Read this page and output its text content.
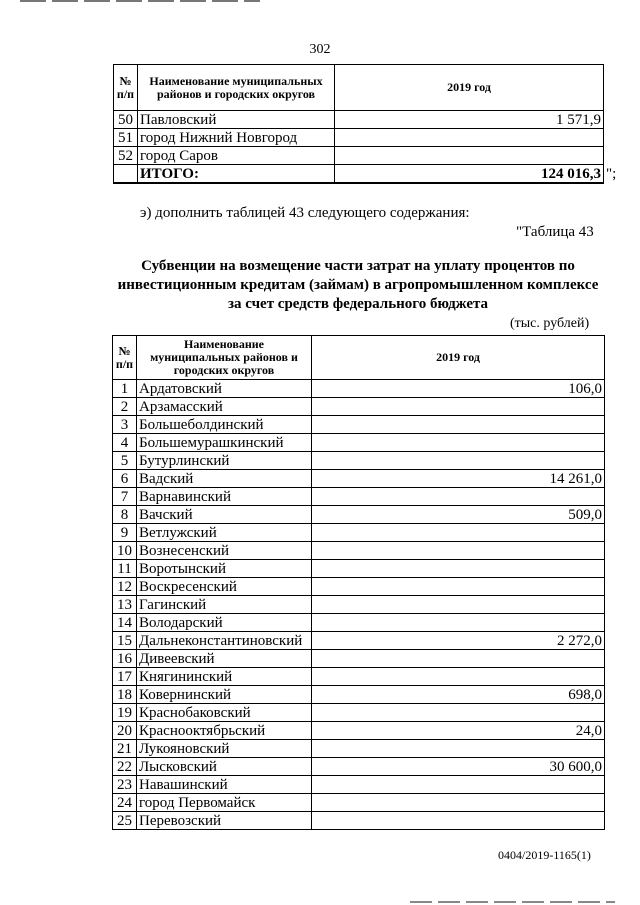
302
№ п/п	Наименование муниципальных районов и городских округов	2019 год
50	Павловский	1 571,9
51	город Нижний Новгород	
52	город Саров	
	ИТОГО:	124 016,3 ";
э) дополнить таблицей 43 следующего содержания:
"Таблица 43
Субвенции на возмещение части затрат на уплату процентов по инвестиционным кредитам (займам) в агропромышленном комплексе за счет средств федерального бюджета
(тыс. рублей)
№ п/п	Наименование муниципальных районов и городских округов	2019 год
1	Ардатовский	106,0
2	Арзамасский	
3	Большеболдинский	
4	Большемурашкинский	
5	Бутурлинский	
6	Вадский	14 261,0
7	Варнавинский	
8	Вачский	509,0
9	Ветлужский	
10	Вознесенский	
11	Воротынский	
12	Воскресенский	
13	Гагинский	
14	Володарский	
15	Дальнеконстантиновский	2 272,0
16	Дивеевский	
17	Княгининский	
18	Ковернинский	698,0
19	Краснобаковский	
20	Краснооктябрьский	24,0
21	Лукояновский	
22	Лысковский	30 600,0
23	Навашинский	
24	город Первомайск	
25	Перевозский	
0404/2019-1165(1)
